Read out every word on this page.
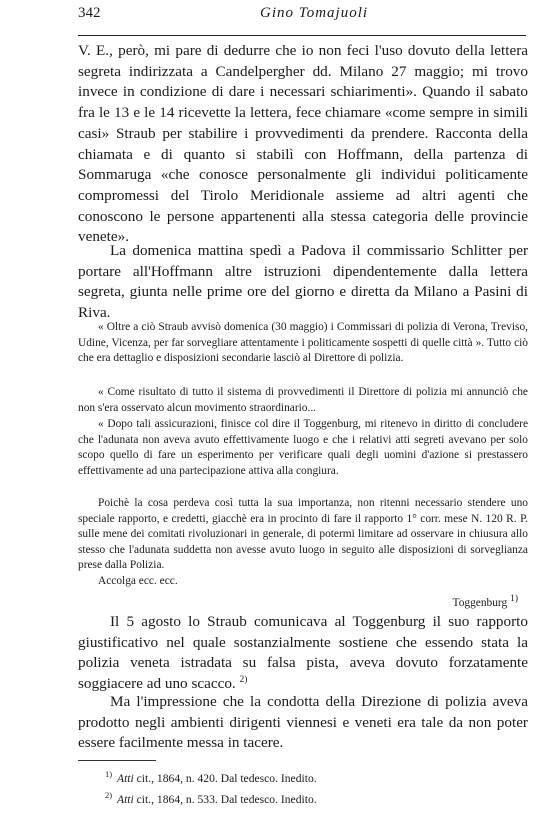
342	Gino Tomajuoli

V. E., però, mi pare di dedurre che io non feci l'uso dovuto della lettera segreta indirizzata a Candelpergher dd. Milano 27 maggio; mi trovo invece in condizione di dare i necessari schiarimenti». Quando il sabato fra le 13 e le 14 ricevette la lettera, fece chiamare «come sempre in simili casi» Straub per stabilire i provvedimenti da prendere. Racconta della chiamata e di quanto si stabilì con Hoffmann, della partenza di Sommaruga «che conosce personalmente gli individui politicamente compromessi del Tirolo Meridionale assieme ad altri agenti che conoscono le persone appartenenti alla stessa categoria delle provincie venete».

La domenica mattina spedì a Padova il commissario Schlitter per portare all'Hoffmann altre istruzioni dipendentemente dalla lettera segreta, giunta nelle prime ore del giorno e diretta da Milano a Pasini di Riva.

« Oltre a ciò Straub avvisò domenica (30 maggio) i Commissari di polizia di Verona, Treviso, Udine, Vicenza, per far sorvegliare attentamente i politicamente sospetti di quelle città ». Tutto ciò che era dettaglio e disposizioni secondarie lasciò al Direttore di polizia.

« Come risultato di tutto il sistema di provvedimenti il Direttore di polizia mi annunciò che non s'era osservato alcun movimento straordinario...

« Dopo tali assicurazioni, finisce col dire il Toggenburg, mi ritenevo in diritto di concludere che l'adunata non aveva avuto effettivamente luogo e che i relativi atti segreti avevano per solo scopo quello di fare un esperimento per verificare quali degli uomini d'azione si prestassero effettivamente ad una partecipazione attiva alla congiura.

Poichè la cosa perdeva così tutta la sua importanza, non ritenni necessario stendere uno speciale rapporto, e credetti, giacchè era in procinto di fare il rapporto 1° corr. mese N. 120 R. P. sulle mene dei comitati rivoluzionari in generale, di potermi limitare ad osservare in chiusura allo stesso che l'adunata suddetta non avesse avuto luogo in seguito alle disposizioni di sorveglianza prese dalla Polizia.

Accolga ecc. ecc.

Toggenburg $^{1)}$

Il 5 agosto lo Straub comunicava al Toggenburg il suo rapporto giustificativo nel quale sostanzialmente sostiene che essendo stata la polizia veneta istradata su falsa pista, aveva dovuto forzatamente soggiacere ad uno scacco. $^{2)}$

Ma l'impressione che la condotta della Direzione di polizia aveva prodotto negli ambienti dirigenti viennesi e veneti era tale da non poter essere facilmente messa in tacere.

$^{1)}$ Atti cit., 1864, n. 420. Dal tedesco. Inedito.
$^{2)}$ Atti cit., 1864, n. 533. Dal tedesco. Inedito.
